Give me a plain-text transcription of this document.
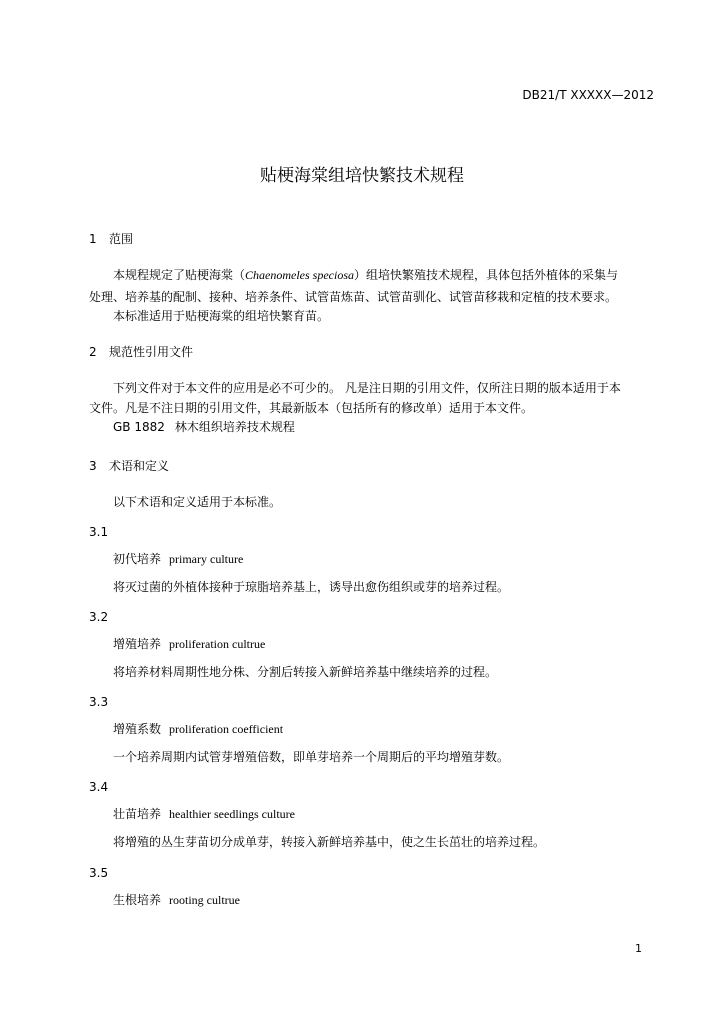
DB21/T XXXXX—2012
贴梗海棠组培快繁技术规程
1 范围
本规程规定了贴梗海棠（Chaenomeles speciosa）组培快繁殖技术规程，具体包括外植体的采集与
处理、培养基的配制、接种、培养条件、试管苗炼苗、试管苗驯化、试管苗移栽和定植的技术要求。
本标准适用于贴梗海棠的组培快繁育苗。
2 规范性引用文件
下列文件对于本文件的应用是必不可少的。 凡是注日期的引用文件，仅所注日期的版本适用于本
文件。凡是不注日期的引用文件，其最新版本（包括所有的修改单）适用于本文件。
GB 1882 林木组织培养技术规程
3 术语和定义
以下术语和定义适用于本标准。
3.1
初代培养 primary culture
将灭过菌的外植体接种于琼脂培养基上，诱导出愈伤组织或芽的培养过程。
3.2
增殖培养 proliferation cultrue
将培养材料周期性地分株、分割后转接入新鲜培养基中继续培养的过程。
3.3
增殖系数 proliferation coefficient
一个培养周期内试管芽增殖倍数，即单芽培养一个周期后的平均增殖芽数。
3.4
壮苗培养 healthier seedlings culture
将增殖的丛生芽苗切分成单芽，转接入新鲜培养基中，使之生长茁壮的培养过程。
3.5
生根培养 rooting cultrue
1
